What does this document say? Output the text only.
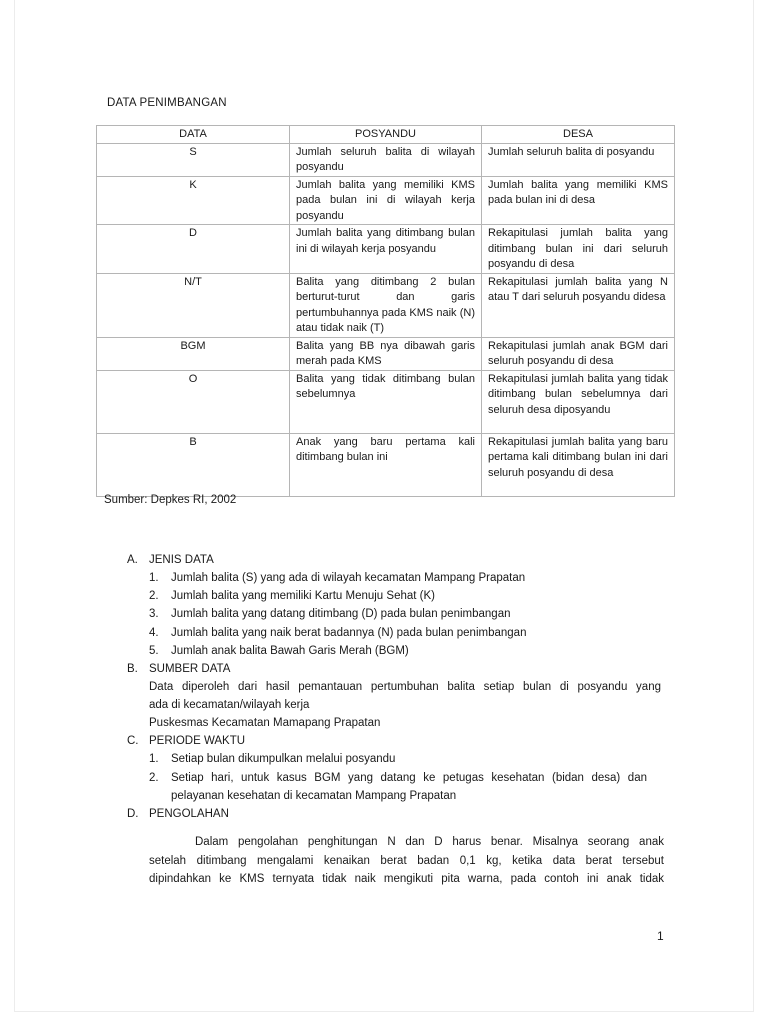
DATA PENIMBANGAN
DATA	POSYANDU	DESA
S	Jumlah seluruh balita di wilayah posyandu	Jumlah seluruh balita di posyandu
K	Jumlah balita yang memiliki KMS pada bulan ini di wilayah kerja posyandu	Jumlah balita yang memiliki KMS pada bulan ini di desa
D	Jumlah balita yang ditimbang bulan ini di wilayah kerja posyandu	Rekapitulasi jumlah balita yang ditimbang bulan ini dari seluruh posyandu di desa
N/T	Balita yang ditimbang 2 bulan berturut-turut dan garis pertumbuhannya pada KMS naik (N) atau tidak naik (T)	Rekapitulasi jumlah balita yang N atau T dari seluruh posyandu didesa
BGM	Balita yang BB nya dibawah garis merah pada KMS	Rekapitulasi jumlah anak BGM dari seluruh posyandu di desa
O	Balita yang tidak ditimbang bulan sebelumnya	Rekapitulasi jumlah balita yang tidak ditimbang bulan sebelumnya dari seluruh desa diposyandu
B	Anak yang baru pertama kali ditimbang bulan ini	Rekapitulasi jumlah balita yang baru pertama kali ditimbang bulan ini dari seluruh posyandu di desa
Sumber: Depkes RI, 2002
A. JENIS DATA
1. Jumlah balita (S) yang ada di wilayah kecamatan Mampang Prapatan
2. Jumlah balita yang memiliki Kartu Menuju Sehat (K)
3. Jumlah balita yang datang ditimbang (D) pada bulan penimbangan
4. Jumlah balita yang naik berat badannya (N) pada bulan penimbangan
5. Jumlah anak balita Bawah Garis Merah (BGM)
B. SUMBER DATA
Data diperoleh dari hasil pemantauan pertumbuhan balita setiap bulan di posyandu yang
ada di kecamatan/wilayah kerja
Puskesmas Kecamatan Mamapang Prapatan
C. PERIODE WAKTU
1. Setiap bulan dikumpulkan melalui posyandu
2. Setiap hari, untuk kasus BGM yang datang ke petugas kesehatan (bidan desa) dan
pelayanan kesehatan di kecamatan Mampang Prapatan
D. PENGOLAHAN
Dalam pengolahan penghitungan N dan D harus benar. Misalnya seorang anak
setelah ditimbang mengalami kenaikan berat badan 0,1 kg, ketika data berat tersebut
dipindahkan ke KMS ternyata tidak naik mengikuti pita warna, pada contoh ini anak tidak
1
